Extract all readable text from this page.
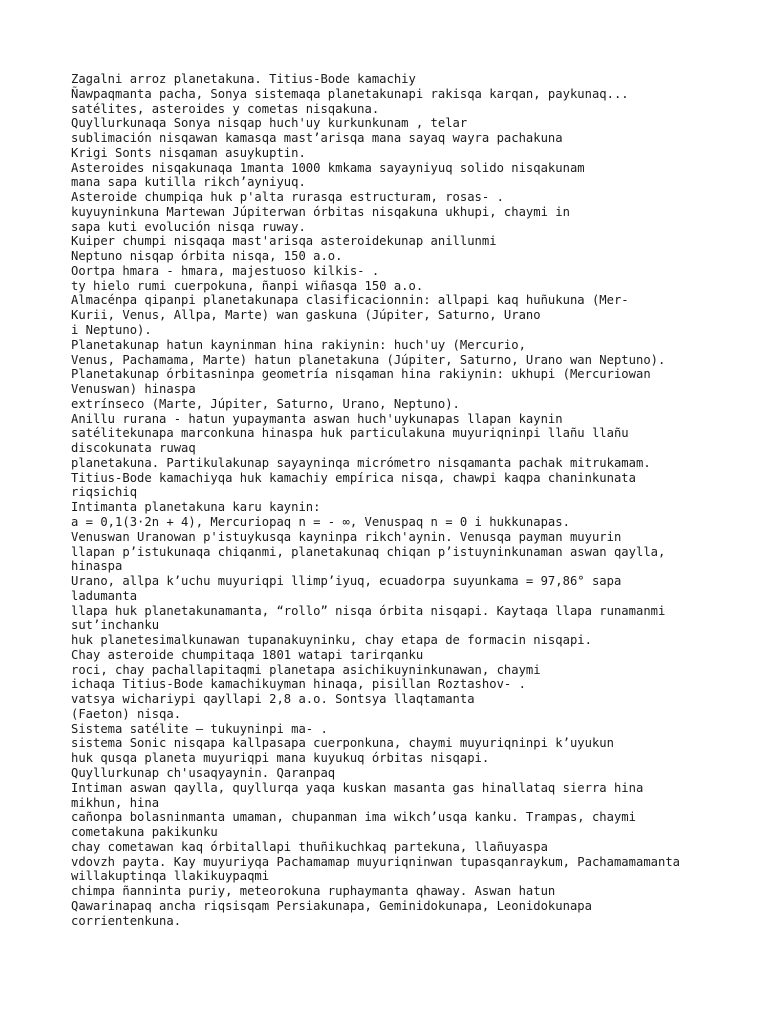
Zagalni arroz planetakuna. Titius-Bode kamachiy
Ñawpaqmanta pacha, Sonya sistemaqa planetakunapi rakisqa karqan, paykunaq...
satélites, asteroides y cometas nisqakuna.
Quyllurkunaqa Sonya nisqap huch'uy kurkunkunam , telar
sublimación nisqawan kamasqa mast’arisqa mana sayaq wayra pachakuna
Krigi Sonts nisqaman asuykuptin.
Asteroides nisqakunaqa 1manta 1000 kmkama sayayniyuq solido nisqakunam
mana sapa kutilla rikch’ayniyuq.
Asteroide chumpiqa huk p'alta rurasqa estructuram, rosas- .
kuyuyninkuna Martewan Júpiterwan órbitas nisqakuna ukhupi, chaymi in
sapa kuti evolución nisqa ruway.
Kuiper chumpi nisqaqa mast'arisqa asteroidekunap anillunmi
Neptuno nisqap órbita nisqa, 150 a.o.
Oortpa hmara - hmara, majestuoso kilkis- .
ty hielo rumi cuerpokuna, ñanpi wiñasqa 150 a.o.
Almacénpa qipanpi planetakunapa clasificacionnin: allpapi kaq huñukuna (Mer-
Kurii, Venus, Allpa, Marte) wan gaskuna (Júpiter, Saturno, Urano
i Neptuno).
Planetakunap hatun kayninman hina rakiynin: huch'uy (Mercurio,
Venus, Pachamama, Marte) hatun planetakuna (Júpiter, Saturno, Urano wan Neptuno).
Planetakunap órbitasninpa geometría nisqaman hina rakiynin: ukhupi (Mercuriowan
Venuswan) hinaspa
extrínseco (Marte, Júpiter, Saturno, Urano, Neptuno).
Anillu rurana - hatun yupaymanta aswan huch'uykunapas llapan kaynin
satélitekunapa marconkuna hinaspa huk particulakuna muyuriqninpi llañu llañu
discokunata ruwaq
planetakuna. Partikulakunap sayayninqa micrómetro nisqamanta pachak mitrukamam.
Titius-Bode kamachiyqa huk kamachiy empírica nisqa, chawpi kaqpa chaninkunata
riqsichiq
Intimanta planetakuna karu kaynin:
a = 0,1(3·2n + 4), Mercuriopaq n = - ∞, Venuspaq n = 0 i hukkunapas.
Venuswan Uranowan p'istuykusqa kayninpa rikch'aynin. Venusqa payman muyurin
llapan p’istukunaqa chiqanmi, planetakunaq chiqan p’istuyninkunaman aswan qaylla,
hinaspa
Urano, allpa k’uchu muyuriqpi llimp’iyuq, ecuadorpa suyunkama = 97,86° sapa
ladumanta
llapa huk planetakunamanta, “rollo” nisqa órbita nisqapi. Kaytaqa llapa runamanmi
sut’inchanku
huk planetesimalkunawan tupanakuyninku, chay etapa de formacin nisqapi.
Chay asteroide chumpitaqa 1801 watapi tarirqanku
roci, chay pachallapitaqmi planetapa asichikuyninkunawan, chaymi
ichaqa Titius-Bode kamachikuyman hinaqa, pisillan Roztashov- .
vatsya wichariypi qayllapi 2,8 a.o. Sontsya llaqtamanta
(Faeton) nisqa.
Sistema satélite – tukuyninpi ma- .
sistema Sonic nisqapa kallpasapa cuerponkuna, chaymi muyuriqninpi k’uyukun
huk qusqa planeta muyuriqpi mana kuyukuq órbitas nisqapi.
Quyllurkunap ch'usaqyaynin. Qaranpaq
Intiman aswan qaylla, quyllurqa yaqa kuskan masanta gas hinallataq sierra hina
mikhun, hina
cañonpa bolasninmanta umaman, chupanman ima wikch’usqa kanku. Trampas, chaymi
cometakuna pakikunku
chay cometawan kaq órbitallapi thuñikuchkaq partekuna, llañuyaspa
vdovzh payta. Kay muyuriyqa Pachamamap muyuriqninwan tupasqanraykum, Pachamamamanta
willakuptinqa llakikuypaqmi
chimpa ñanninta puriy, meteorokuna ruphaymanta qhaway. Aswan hatun
Qawarinapaq ancha riqsisqam Persiakunapa, Geminidokunapa, Leonidokunapa
corrientenkuna.
